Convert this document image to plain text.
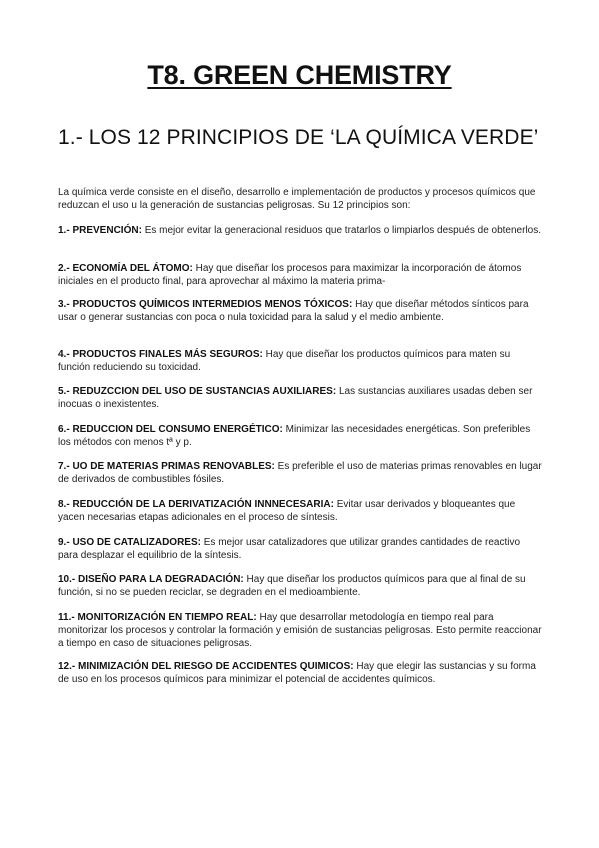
T8. GREEN CHEMISTRY
1.- LOS 12 PRINCIPIOS DE ‘LA QUÍMICA VERDE’
La química verde consiste en el diseño, desarrollo e implementación de productos y procesos químicos que reduzcan el uso u la generación de sustancias peligrosas. Su 12 principios son:
1.- PREVENCIÓN: Es mejor evitar la generacional residuos que tratarlos o limpiarlos después de obtenerlos.
2.- ECONOMÍA DEL ÁTOMO: Hay que diseñar los procesos para maximizar la incorporación de átomos iniciales en el producto final, para aprovechar al máximo la materia prima-
3.- PRODUCTOS QUÍMICOS INTERMEDIOS MENOS TÓXICOS: Hay que diseñar métodos sínticos para usar o generar sustancias con poca o nula toxicidad para la salud y el medio ambiente.
4.- PRODUCTOS FINALES MÁS SEGUROS: Hay que diseñar los productos químicos para maten su función reduciendo su toxicidad.
5.- REDUZCCION DEL USO DE SUSTANCIAS AUXILIARES: Las sustancias auxiliares usadas deben ser inocuas o inexistentes.
6.- REDUCCION DEL CONSUMO ENERGÉTICO: Minimizar las necesidades energéticas. Son preferibles los métodos con menos tª y p.
7.- UO DE MATERIAS PRIMAS RENOVABLES: Es preferible el uso de materias primas renovables en lugar de derivados de combustibles fósiles.
8.- REDUCCIÓN DE LA DERIVATIZACIÓN INNNECESARIA: Evitar usar derivados y bloqueantes que yacen necesarias etapas adicionales en el proceso de síntesis.
9.- USO DE CATALIZADORES: Es mejor usar catalizadores que utilizar grandes cantidades de reactivo para desplazar el equilibrio de la síntesis.
10.- DISEÑO PARA LA DEGRADACIÓN: Hay que diseñar los productos químicos para que al final de su función, si no se pueden reciclar, se degraden en el medioambiente.
11.- MONITORIZACIÓN EN TIEMPO REAL: Hay que desarrollar metodología en tiempo real para monitorizar los procesos y controlar la formación y emisión de sustancias peligrosas. Esto permite reaccionar a tiempo en caso de situaciones peligrosas.
12.- MINIMIZACIÓN DEL RIESGO DE ACCIDENTES QUIMICOS: Hay que elegir las sustancias y su forma de uso en los procesos químicos para minimizar el potencial de accidentes químicos.
